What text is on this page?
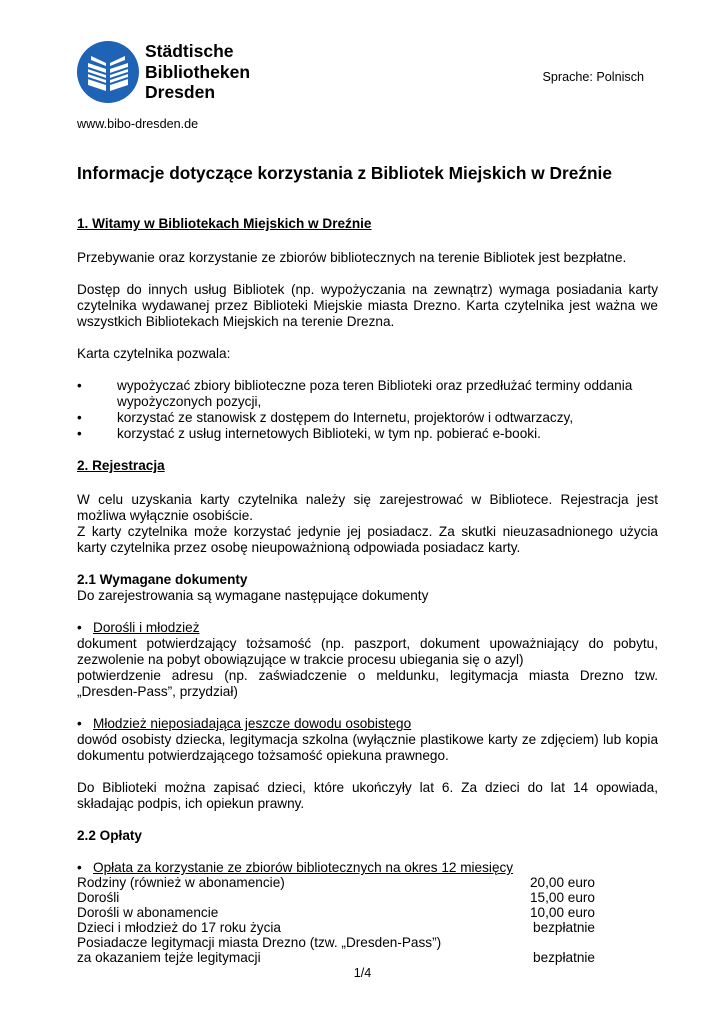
Städtische
Bibliotheken
Dresden
Sprache: Polnisch
www.bibo-dresden.de
Informacje dotyczące korzystania z Bibliotek Miejskich w Dreźnie
1. Witamy w Bibliotekach Miejskich w Dreźnie

Przebywanie oraz korzystanie ze zbiorów bibliotecznych na terenie Bibliotek jest bezpłatne.

Dostęp do innych usług Bibliotek (np. wypożyczania na zewnątrz) wymaga posiadania karty czytelnika wydawanej przez Biblioteki Miejskie miasta Drezno. Karta czytelnika jest ważna we wszystkich Bibliotekach Miejskich na terenie Drezna.

Karta czytelnika pozwala:

• wypożyczać zbiory biblioteczne poza teren Biblioteki oraz przedłużać terminy oddania wypożyczonych pozycji,
• korzystać ze stanowisk z dostępem do Internetu, projektorów i odtwarzaczy,
• korzystać z usług internetowych Biblioteki, w tym np. pobierać e-booki.
2. Rejestracja
W celu uzyskania karty czytelnika należy się zarejestrować w Bibliotece. Rejestracja jest możliwa wyłącznie osobiście.
Z karty czytelnika może korzystać jedynie jej posiadacz. Za skutki nieuzasadnionego użycia karty czytelnika przez osobę nieupoważnioną odpowiada posiadacz karty.
2.1 Wymagane dokumenty

Do zarejestrowania są wymagane następujące dokumenty

• Dorośli i młodzież
dokument potwierdzający tożsamość (np. paszport, dokument upoważniający do pobytu, zezwolenie na pobyt obowiązujące w trakcie procesu ubiegania się o azyl)
potwierdzenie adresu (np. zaświadczenie o meldunku, legitymacja miasta Drezno tzw. „Dresden-Pass”, przydział)
• Młodzież nieposiadająca jeszcze dowodu osobistego
dowód osobisty dziecka, legitymacja szkolna (wyłącznie plastikowe karty ze zdjęciem) lub kopia dokumentu potwierdzającego tożsamość opiekuna prawnego.

Do Biblioteki można zapisać dzieci, które ukończyły lat 6. Za dzieci do lat 14 opowiada, składając podpis, ich opiekun prawny.

2.2 Opłaty
• Opłata za korzystanie ze zbiorów bibliotecznych na okres 12 miesięcy
Rodziny (również w abonamencie)	20,00 euro
Dorośli	15,00 euro
Dorośli w abonamencie	10,00 euro
Dzieci i młodzież do 17 roku życia	bezpłatnie

Posiadacze legitymacji miasta Drezno (tzw. „Dresden-Pass”)
za okazaniem tejże legitymacji	bezpłatnie
1/4
